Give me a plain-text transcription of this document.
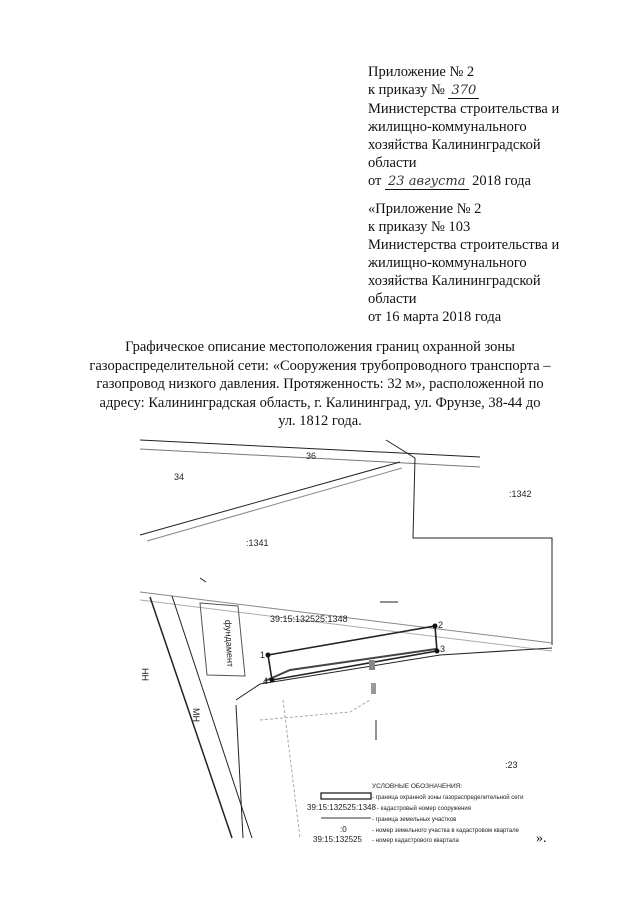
Приложение № 2
к приказу № 370
Министерства строительства и
жилищно-коммунального
хозяйства Калининградской
области
от 23 августа 2018 года
«Приложение № 2
к приказу № 103
Министерства строительства и
жилищно-коммунального
хозяйства Калининградской
области
от 16 марта 2018 года
Графическое описание местоположения границ охранной зоны
газораспределительной сети: «Сооружения трубопроводного транспорта –
газопровод низкого давления. Протяженность: 32 м», расположенной по
адресу: Калининградская область, г. Калининград, ул. Фрунзе, 38-44 до
ул. 1812 года.
36
34
:1342
:1341
39:15:132525:1348
:23
фундамент
НН
МН
1
2
3
4
УСЛОВНЫЕ ОБОЗНАЧЕНИЯ:
- граница охранной зоны газораспределительной сети
39:15:132525:1348 - кадастровый номер сооружения
- граница земельных участков
:0	- номер земельного участка в кадастровом квартале
39:15:132525 - номер кадастрового квартала	».
